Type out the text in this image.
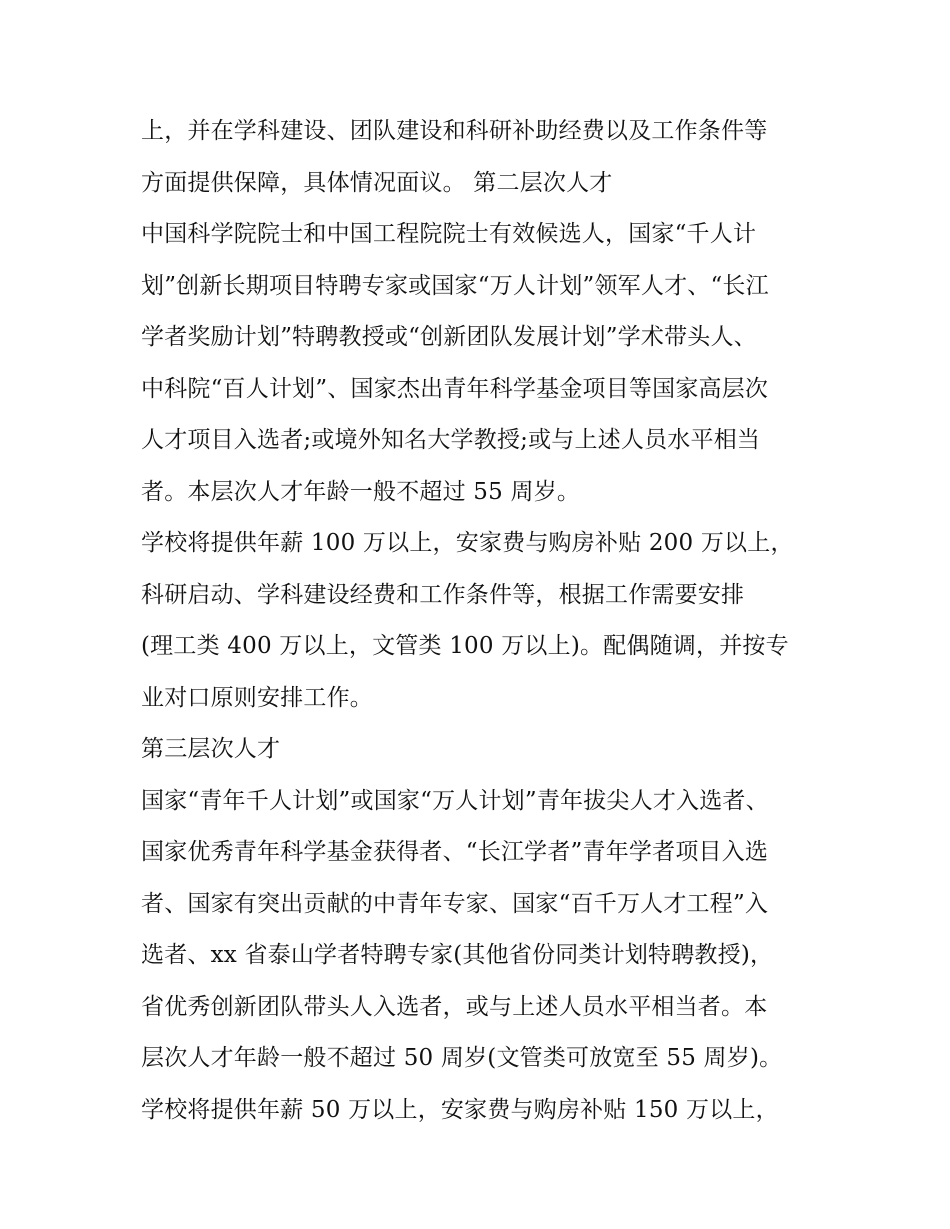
上，并在学科建设、团队建设和科研补助经费以及工作条件等
方面提供保障，具体情况面议。 第二层次人才
中国科学院院士和中国工程院院士有效候选人，国家“千人计
划”创新长期项目特聘专家或国家“万人计划”领军人才、“长江
学者奖励计划”特聘教授或“创新团队发展计划”学术带头人、
中科院“百人计划”、国家杰出青年科学基金项目等国家高层次
人才项目入选者;或境外知名大学教授;或与上述人员水平相当
者。本层次人才年龄一般不超过 55 周岁。
学校将提供年薪 100 万以上，安家费与购房补贴 200 万以上，
科研启动、学科建设经费和工作条件等，根据工作需要安排
(理工类 400 万以上，文管类 100 万以上)。配偶随调，并按专
业对口原则安排工作。
第三层次人才
国家“青年千人计划”或国家“万人计划”青年拔尖人才入选者、
国家优秀青年科学基金获得者、“长江学者”青年学者项目入选
者、国家有突出贡献的中青年专家、国家“百千万人才工程”入
选者、xx 省泰山学者特聘专家(其他省份同类计划特聘教授)，
省优秀创新团队带头人入选者，或与上述人员水平相当者。本
层次人才年龄一般不超过 50 周岁(文管类可放宽至 55 周岁)。
学校将提供年薪 50 万以上，安家费与购房补贴 150 万以上，
